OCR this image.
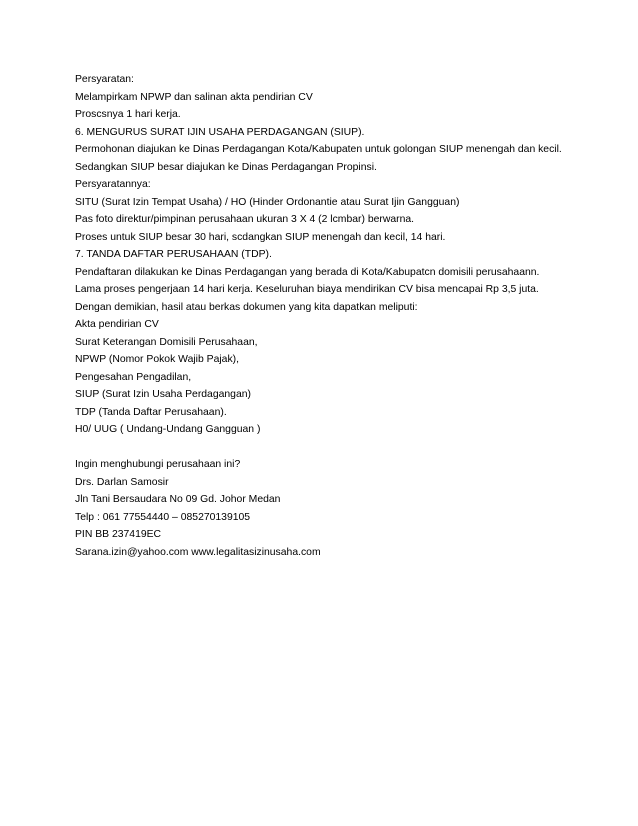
Persyaratan:
Melampirkam NPWP dan salinan akta pendirian CV
Proscsnya 1 hari kerja.
6. MENGURUS SURAT IJIN USAHA PERDAGANGAN (SIUP).
Permohonan diajukan ke Dinas Perdagangan Kota/Kabupaten untuk golongan SIUP menengah dan kecil.
Sedangkan SIUP besar diajukan ke Dinas Perdagangan Propinsi.
Persyaratannya:
SITU (Surat Izin Tempat Usaha) / HO (Hinder Ordonantie atau Surat Ijin Gangguan)
Pas foto direktur/pimpinan perusahaan ukuran 3 X 4 (2 lcmbar) berwarna.
Proses untuk SIUP besar 30 hari, scdangkan SIUP menengah dan kecil, 14 hari.
7. TANDA DAFTAR PERUSAHAAN (TDP).
Pendaftaran dilakukan ke Dinas Perdagangan yang berada di Kota/Kabupatcn domisili perusahaann.
Lama proses pengerjaan 14 hari kerja. Keseluruhan biaya mendirikan CV bisa mencapai Rp 3,5 juta.
Dengan demikian, hasil atau berkas dokumen yang kita dapatkan meliputi:
Akta pendirian CV
Surat Keterangan Domisili Perusahaan,
NPWP (Nomor Pokok Wajib Pajak),
Pengesahan Pengadilan,
SIUP (Surat Izin Usaha Perdagangan)
TDP (Tanda Daftar Perusahaan).
H0/ UUG ( Undang-Undang Gangguan )
Ingin menghubungi perusahaan ini?
Drs. Darlan Samosir
Jln Tani Bersaudara No 09 Gd. Johor Medan
Telp : 061 77554440 – 085270139105
PIN BB 237419EC
Sarana.izin@yahoo.com www.legalitasizinusaha.com
